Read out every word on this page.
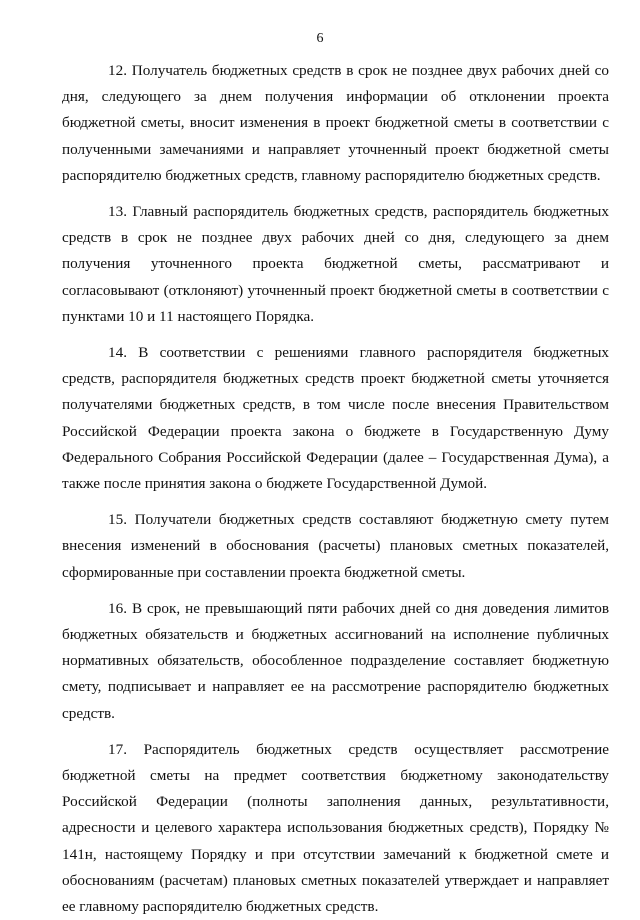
6

12. Получатель бюджетных средств в срок не позднее двух рабочих дней со дня, следующего за днем получения информации об отклонении проекта бюджетной сметы, вносит изменения в проект бюджетной сметы в соответствии с полученными замечаниями и направляет уточненный проект бюджетной сметы распорядителю бюджетных средств, главному распорядителю бюджетных средств.

13. Главный распорядитель бюджетных средств, распорядитель бюджетных средств в срок не позднее двух рабочих дней со дня, следующего за днем получения уточненного проекта бюджетной сметы, рассматривают и согласовывают (отклоняют) уточненный проект бюджетной сметы в соответствии с пунктами 10 и 11 настоящего Порядка.

14. В соответствии с решениями главного распорядителя бюджетных средств, распорядителя бюджетных средств проект бюджетной сметы уточняется получателями бюджетных средств, в том числе после внесения Правительством Российской Федерации проекта закона о бюджете в Государственную Думу Федерального Собрания Российской Федерации (далее – Государственная Дума), а также после принятия закона о бюджете Государственной Думой.

15. Получатели бюджетных средств составляют бюджетную смету путем внесения изменений в обоснования (расчеты) плановых сметных показателей, сформированные при составлении проекта бюджетной сметы.

16. В срок, не превышающий пяти рабочих дней со дня доведения лимитов бюджетных обязательств и бюджетных ассигнований на исполнение публичных нормативных обязательств, обособленное подразделение составляет бюджетную смету, подписывает и направляет ее на рассмотрение распорядителю бюджетных средств.

17. Распорядитель бюджетных средств осуществляет рассмотрение бюджетной сметы на предмет соответствия бюджетному законодательству Российской Федерации (полноты заполнения данных, результативности, адресности и целевого характера использования бюджетных средств), Порядку № 141н, настоящему Порядку и при отсутствии замечаний к бюджетной смете и обоснованиям (расчетам) плановых сметных показателей утверждает и направляет ее главному распорядителю бюджетных средств.
